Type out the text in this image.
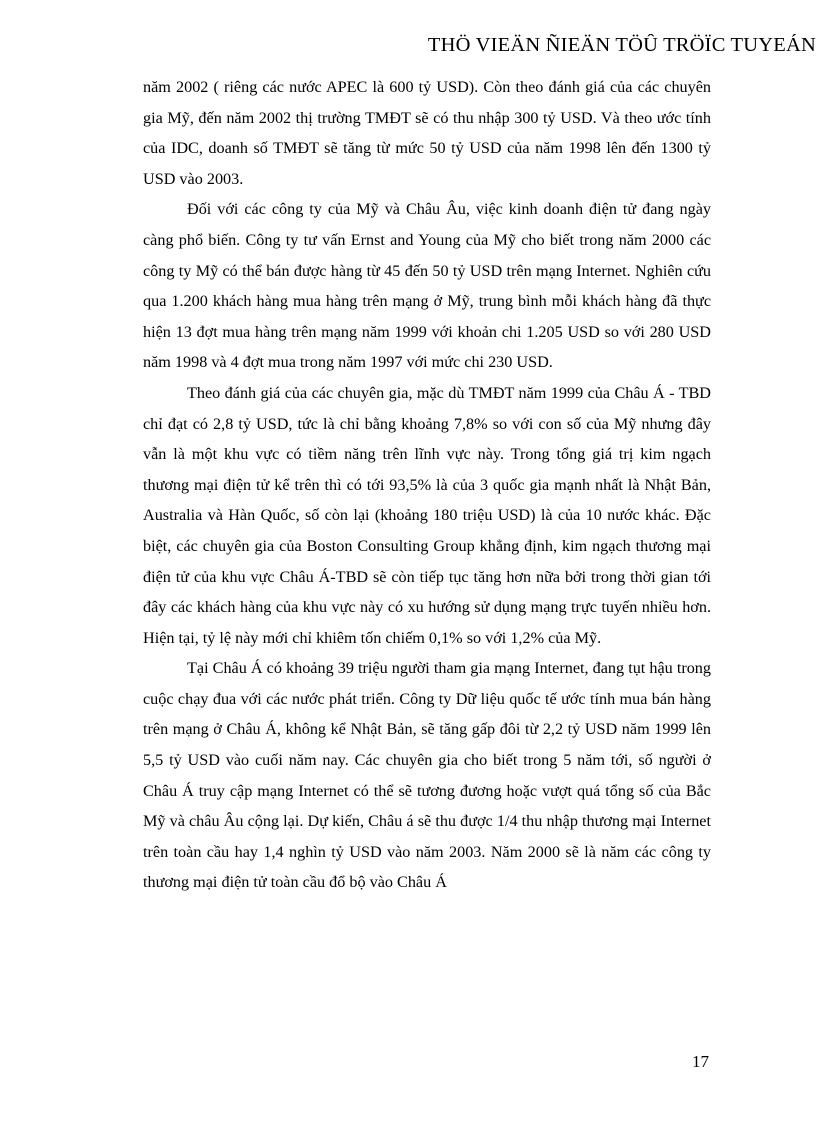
THÖ VIEÄN ÑIEÄN TÖÛ TRÖÏC TUYEÁN

năm 2002 ( riêng các nước APEC là 600 tỷ USD). Còn theo đánh giá của các chuyên gia Mỹ, đến năm 2002 thị trường TMĐT sẽ có thu nhập 300 tỷ USD. Và theo ước tính của IDC, doanh số TMĐT sẽ tăng từ mức 50 tỷ USD của năm 1998 lên đến 1300 tỷ USD vào 2003.

Đối với các công ty của Mỹ và Châu Âu, việc kinh doanh điện tử đang ngày càng phổ biến. Công ty tư vấn Ernst and Young của Mỹ cho biết trong năm 2000 các công ty Mỹ có thể bán được hàng từ 45 đến 50 tỷ USD trên mạng Internet. Nghiên cứu qua 1.200 khách hàng mua hàng trên mạng ở Mỹ, trung bình mỗi khách hàng đã thực hiện 13 đợt mua hàng trên mạng năm 1999 với khoản chi 1.205 USD so với 280 USD năm 1998 và 4 đợt mua trong năm 1997 với mức chi 230 USD.

Theo đánh giá của các chuyên gia, mặc dù TMĐT năm 1999 của Châu Á - TBD chỉ đạt có 2,8 tỷ USD, tức là chỉ bằng khoảng 7,8% so với con số của Mỹ nhưng đây vẫn là một khu vực có tiềm năng trên lĩnh vực này. Trong tổng giá trị kim ngạch thương mại điện tử kể trên thì có tới 93,5% là của 3 quốc gia mạnh nhất là Nhật Bản, Australia và Hàn Quốc, số còn lại (khoảng 180 triệu USD) là của 10 nước khác. Đặc biệt, các chuyên gia của Boston Consulting Group khẳng định, kim ngạch thương mại điện tử của khu vực Châu Á-TBD sẽ còn tiếp tục tăng hơn nữa bởi trong thời gian tới đây các khách hàng của khu vực này có xu hướng sử dụng mạng trực tuyến nhiều hơn. Hiện tại, tỷ lệ này mới chỉ khiêm tốn chiếm 0,1% so với 1,2% của Mỹ.

Tại Châu Á có khoảng 39 triệu người tham gia mạng Internet, đang tụt hậu trong cuộc chạy đua với các nước phát triển. Công ty Dữ liệu quốc tế ước tính mua bán hàng trên mạng ở Châu Á, không kể Nhật Bản, sẽ tăng gấp đôi từ 2,2 tỷ USD năm 1999 lên 5,5 tỷ USD vào cuối năm nay. Các chuyên gia cho biết trong 5 năm tới, số người ở Châu Á truy cập mạng Internet có thể sẽ tương đương hoặc vượt quá tổng số của Bắc Mỹ và châu Âu cộng lại. Dự kiến, Châu á sẽ thu được 1/4 thu nhập thương mại Internet trên toàn cầu hay 1,4 nghìn tỷ USD vào năm 2003. Năm 2000 sẽ là năm các công ty thương mại điện tử toàn cầu đổ bộ vào Châu Á

17
